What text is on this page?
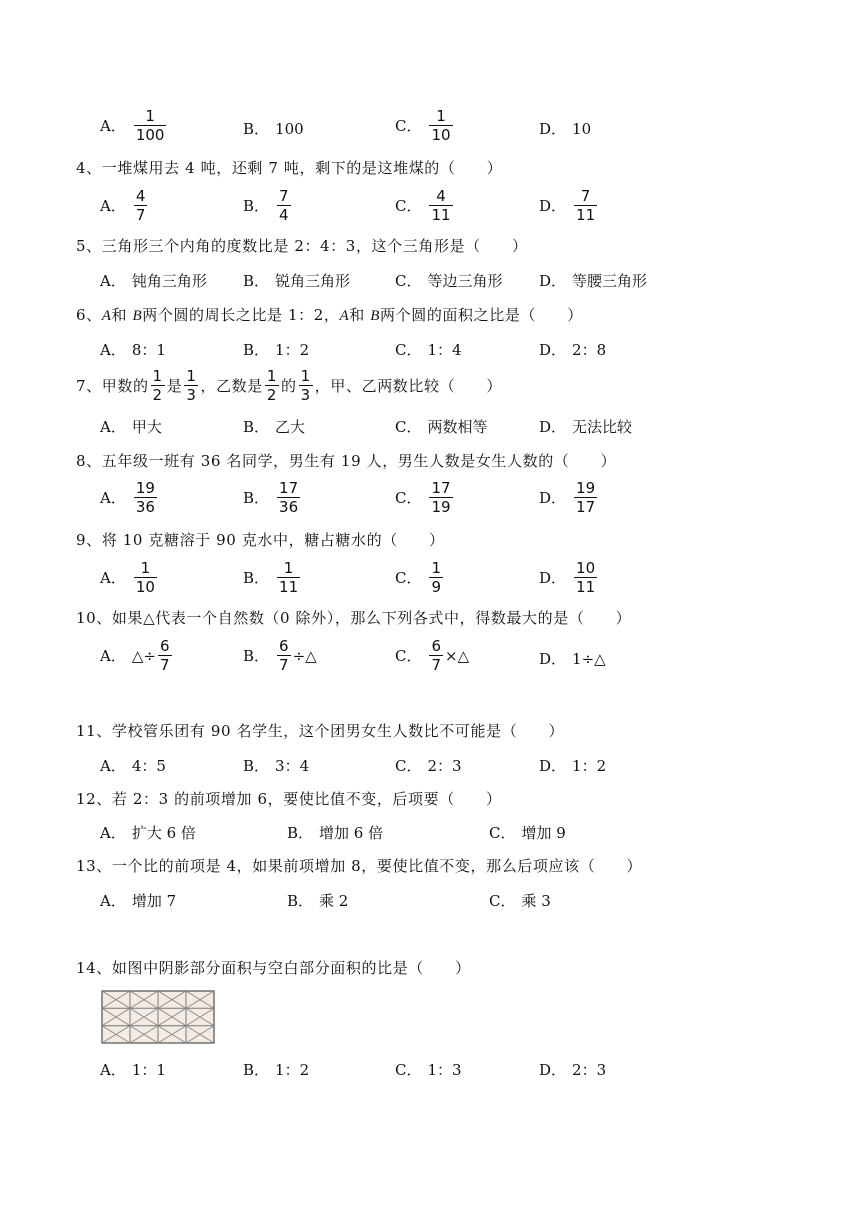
A． $\frac{1}{100}$	B． 100	C． $\frac{1}{10}$	D． 10
4、一堆煤用去 4 吨，还剩 7 吨，剩下的是这堆煤的（　　）
A． $\frac{4}{7}$	B． $\frac{7}{4}$	C． $\frac{4}{11}$	D． $\frac{7}{11}$
5、三角形三个内角的度数比是 2：4：3，这个三角形是（　　）
A． 钝角三角形 B． 锐角三角形	C． 等边三角形 D． 等腰三角形
6、A和 B两个圆的周长之比是 1：2，A和 B两个圆的面积之比是（　　）
A． 8：1	B． 1：2	C． 1：4	D． 2：8
7、甲数的 $\frac{1}{2}$ 是 $\frac{1}{3}$ ，乙数是 $\frac{1}{2}$ 的 $\frac{1}{3}$ ，甲、乙两数比较（　　）
A． 甲大	B． 乙大	C． 两数相等	D． 无法比较
8、五年级一班有 36 名同学，男生有 19 人，男生人数是女生人数的（　　）
A． $\frac{19}{36}$	B． $\frac{17}{36}$	C． $\frac{17}{19}$	D． $\frac{19}{17}$
9、将 10 克糖溶于 90 克水中，糖占糖水的（　　）
A． $\frac{1}{10}$	B． $\frac{1}{11}$	C． $\frac{1}{9}$	D． $\frac{10}{11}$
10、如果△代表一个自然数（0 除外），那么下列各式中，得数最大的是（　　）
A． △÷ $\frac{6}{7}$	B． $\frac{6}{7}$ ÷△	C． $\frac{6}{7}$ ×△	D． 1÷△
11、学校管乐团有 90 名学生，这个团男女生人数比不可能是（　　）
A． 4：5	B． 3：4	C． 2：3	D． 1：2
12、若 2：3 的前项增加 6，要使比值不变，后项要（　　）
A． 扩大 6 倍	B． 增加 6 倍	C． 增加 9
13、一个比的前项是 4，如果前项增加 8，要使比值不变，那么后项应该（　　）
A． 增加 7	B． 乘 2	C． 乘 3
14、如图中阴影部分面积与空白部分面积的比是（　　）
A． 1：1	B． 1：2	C． 1：3	D． 2：3
